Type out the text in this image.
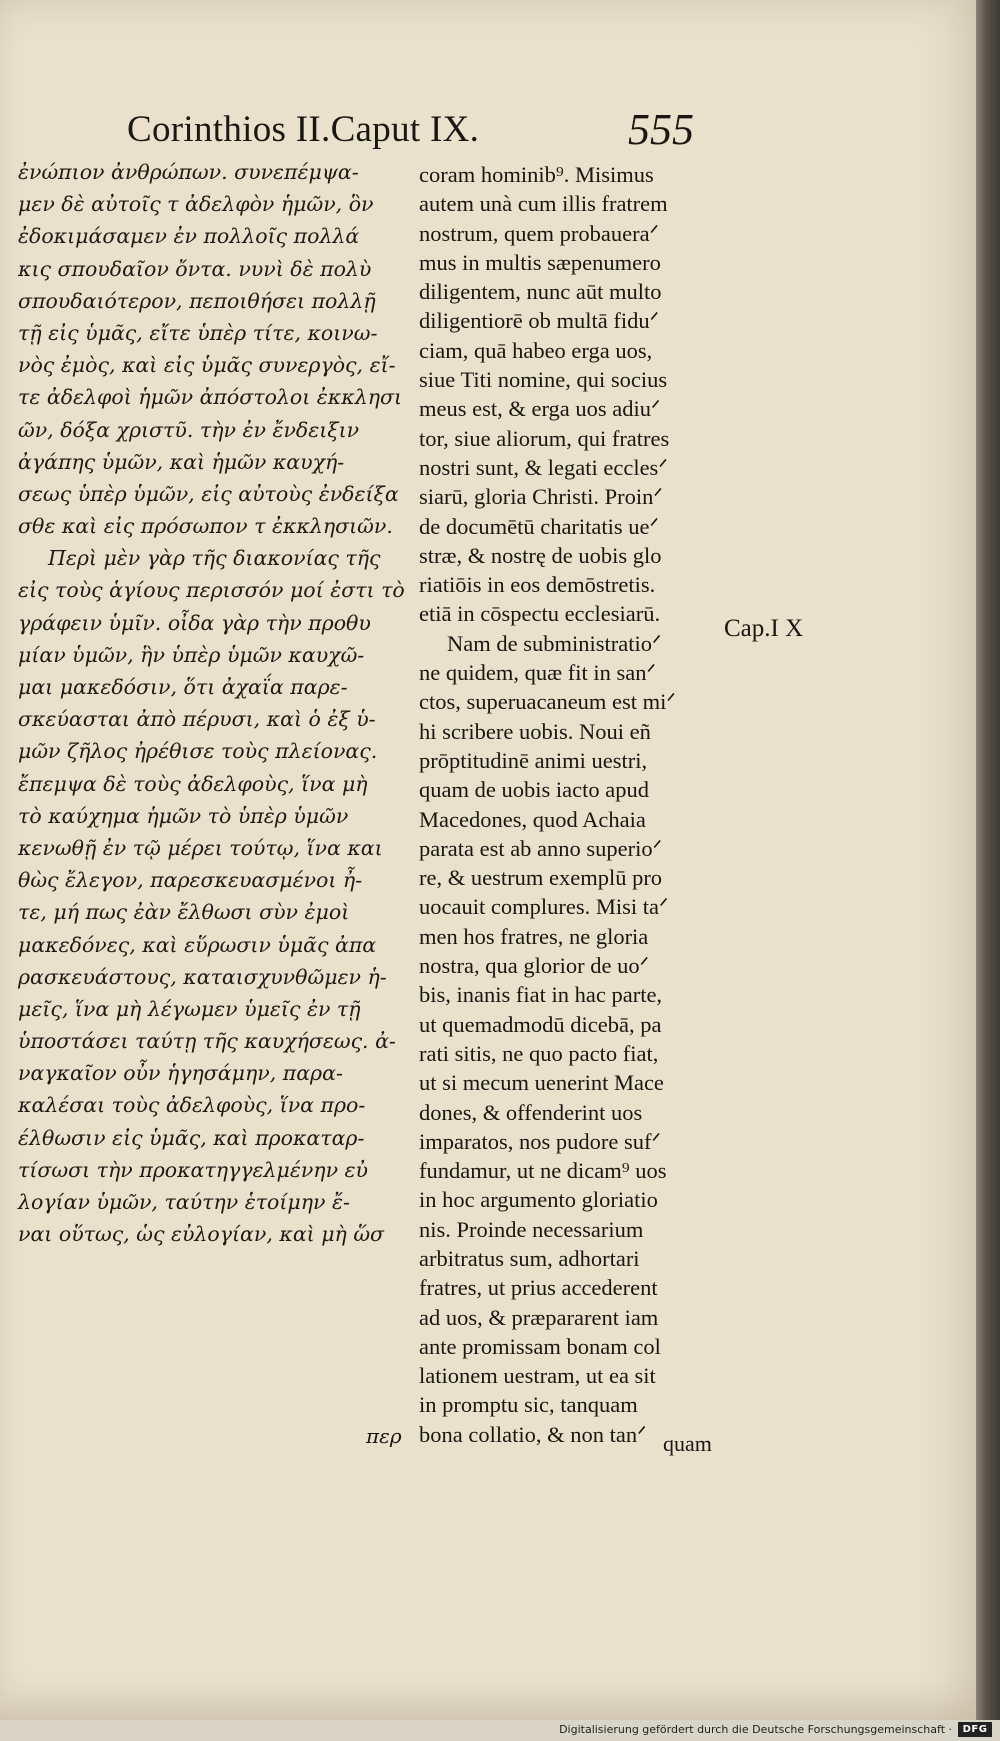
Corinthios II.Caput IX.	555
ἐνώπιον ἀνθρώπων. συνεπέμψα-
μεν δὲ αὐτοῖς τ ἀδελφὸν ἡμῶν, ὃν
ἐδοκιμάσαμεν ἐν πολλοῖς πολλά
κις σπουδαῖον ὄντα. νυνὶ δὲ πολὺ
σπουδαιότερον, πεποιθήσει πολλῇ
τῇ εἰς ὑμᾶς, εἴτε ὑπὲρ τίτε, κοινω-
νὸς ἐμὸς, καὶ εἰς ὑμᾶς συνεργὸς, εἴ-
τε ἀδελφοὶ ἡμῶν ἀπόστολοι ἐκκλησι
ῶν, δόξα χριστῦ. τὴν ἐν ἔνδειξιν
ἀγάπης ὑμῶν, καὶ ἡμῶν καυχή-
σεως ὑπὲρ ὑμῶν, εἰς αὐτοὺς ἐνδείξα
σθε καὶ εἰς πρόσωπον τ ἐκκλησιῶν.
Περὶ μὲν γὰρ τῆς διακονίας τῆς
εἰς τοὺς ἁγίους περισσόν μοί ἐστι τὸ
γράφειν ὑμῖν. οἶδα γὰρ τὴν προθυ
μίαν ὑμῶν, ἣν ὑπὲρ ὑμῶν καυχῶ-
μαι μακεδόσιν, ὅτι ἀχαΐα παρε-
σκεύασται ἀπὸ πέρυσι, καὶ ὁ ἐξ ὑ-
μῶν ζῆλος ἠρέθισε τοὺς πλείονας.
ἔπεμψα δὲ τοὺς ἀδελφοὺς, ἵνα μὴ
τὸ καύχημα ἡμῶν τὸ ὑπὲρ ὑμῶν
κενωθῇ ἐν τῷ μέρει τούτῳ, ἵνα και
θὼς ἔλεγον, παρεσκευασμένοι ἦ-
τε, μή πως ἐὰν ἔλθωσι σὺν ἐμοὶ
μακεδόνες, καὶ εὕρωσιν ὑμᾶς ἀπα
ρασκευάστους, καταισχυνθῶμεν ἡ-
μεῖς, ἵνα μὴ λέγωμεν ὑμεῖς ἐν τῇ
ὑποστάσει ταύτῃ τῆς καυχήσεως. ἀ-
ναγκαῖον οὖν ἡγησάμην, παρα-
καλέσαι τοὺς ἀδελφοὺς, ἵνα προ-
έλθωσιν εἰς ὑμᾶς, καὶ προκαταρ-
τίσωσι τὴν προκατηγγελμένην εὐ
λογίαν ὑμῶν, ταύτην ἑτοίμην ἔ-
ναι οὕτως, ὡς εὐλογίαν, καὶ μὴ ὥσ
περ
coram hominib⁹. Misimus
autem unà cum illis fratrem
nostrum, quem probaueraᐟ
mus in multis sæpenumero
diligentem, nunc aūt multo
diligentiorē ob multā fiduᐟ
ciam, quā habeo erga uos,
siue Titi nomine, qui socius
meus est, & erga uos adiuᐟ
tor, siue aliorum, qui fratres
nostri sunt, & legati ecclesᐟ
siarū, gloria Christi. Proinᐟ
de documētū charitatis ueᐟ
stræ, & nostrę de uobis glo
riatiōis in eos demōstretis.
etiā in cōspectu ecclesiarū.
Nam de subministratioᐟ
ne quidem, quæ fit in sanᐟ
ctos, superuacaneum est miᐟ
hi scribere uobis. Noui eñ
prōptitudinē animi uestri,
quam de uobis iacto apud
Macedones, quod Achaia
parata est ab anno superioᐟ
re, & uestrum exemplū pro
uocauit complures. Misi taᐟ
men hos fratres, ne gloria
nostra, qua glorior de uoᐟ
bis, inanis fiat in hac parte,
ut quemadmodū dicebā, pa
rati sitis, ne quo pacto fiat,
ut si mecum uenerint Mace
dones, & offenderint uos
imparatos, nos pudore sufᐟ
fundamur, ut ne dicam⁹ uos
in hoc argumento gloriatio
nis. Proinde necessarium
arbitratus sum, adhortari
fratres, ut prius accederent
ad uos, & præpararent iam
ante promissam bonam col
lationem uestram, ut ea sit
in promptu sic, tanquam
bona collatio, & non tanᐟ quam
Cap.I X
Digitalisierung gefördert durch die Deutsche Forschungsgemeinschaft ·	DFG
